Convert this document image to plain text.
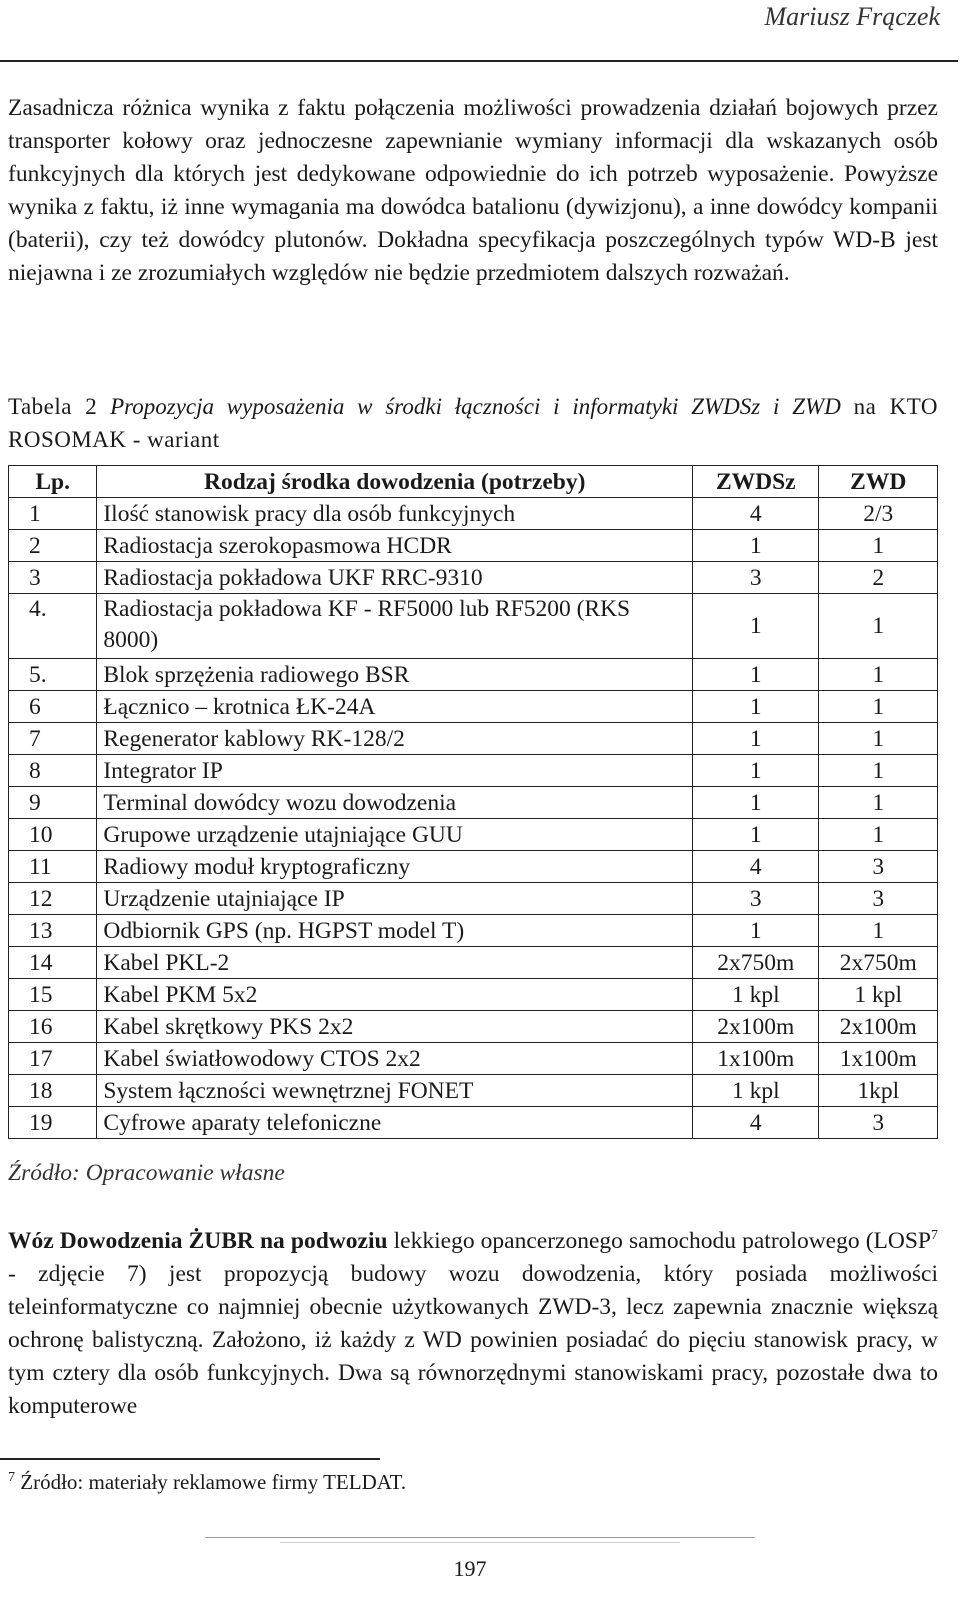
Mariusz Frączek
Zasadnicza różnica wynika z faktu połączenia możliwości prowadzenia działań bojowych przez transporter kołowy oraz jednoczesne zapewnianie wymiany informacji dla wskazanych osób funkcyjnych dla których jest dedykowane odpowiednie do ich potrzeb wyposażenie. Powyższe wynika z faktu, iż inne wymagania ma dowódca batalionu (dywizjonu), a inne dowódcy kompanii (baterii), czy też dowódcy plutonów. Dokładna specyfikacja poszczególnych typów WD-B jest niejawna i ze zrozumiałych względów nie będzie przedmiotem dalszych rozważań.
Tabela 2 Propozycja wyposażenia w środki łączności i informatyki ZWDSz i ZWD na KTO ROSOMAK - wariant
Lp.	Rodzaj środka dowodzenia (potrzeby)	ZWDSz	ZWD
1	Ilość stanowisk pracy dla osób funkcyjnych	4	2/3
2	Radiostacja szerokopasmowa HCDR	1	1
3	Radiostacja pokładowa UKF RRC-9310	3	2
4.	Radiostacja pokładowa KF - RF5000 lub RF5200 (RKS 8000)	1	1
5.	Blok sprzężenia radiowego BSR	1	1
6	Łącznico – krotnica ŁK-24A	1	1
7	Regenerator kablowy RK-128/2	1	1
8	Integrator IP	1	1
9	Terminal dowódcy wozu dowodzenia	1	1
10	Grupowe urządzenie utajniające GUU	1	1
11	Radiowy moduł kryptograficzny	4	3
12	Urządzenie utajniające IP	3	3
13	Odbiornik GPS (np. HGPST model T)	1	1
14	Kabel PKL-2	2x750m	2x750m
15	Kabel PKM 5x2	1 kpl	1 kpl
16	Kabel skrętkowy PKS 2x2	2x100m	2x100m
17	Kabel światłowodowy CTOS 2x2	1x100m	1x100m
18	System łączności wewnętrznej FONET	1 kpl	1kpl
19	Cyfrowe aparaty telefoniczne	4	3
Źródło: Opracowanie własne
Wóz Dowodzenia ŻUBR na podwoziu lekkiego opancerzonego samochodu patrolowego (LOSP$^7$ - zdjęcie 7) jest propozycją budowy wozu dowodzenia, który posiada możliwości teleinformatyczne co najmniej obecnie użytkowanych ZWD-3, lecz zapewnia znacznie większą ochronę balistyczną. Założono, iż każdy z WD powinien posiadać do pięciu stanowisk pracy, w tym cztery dla osób funkcyjnych. Dwa są równorzędnymi stanowiskami pracy, pozostałe dwa to komputerowe
$^7$ Źródło: materiały reklamowe firmy TELDAT.
197
